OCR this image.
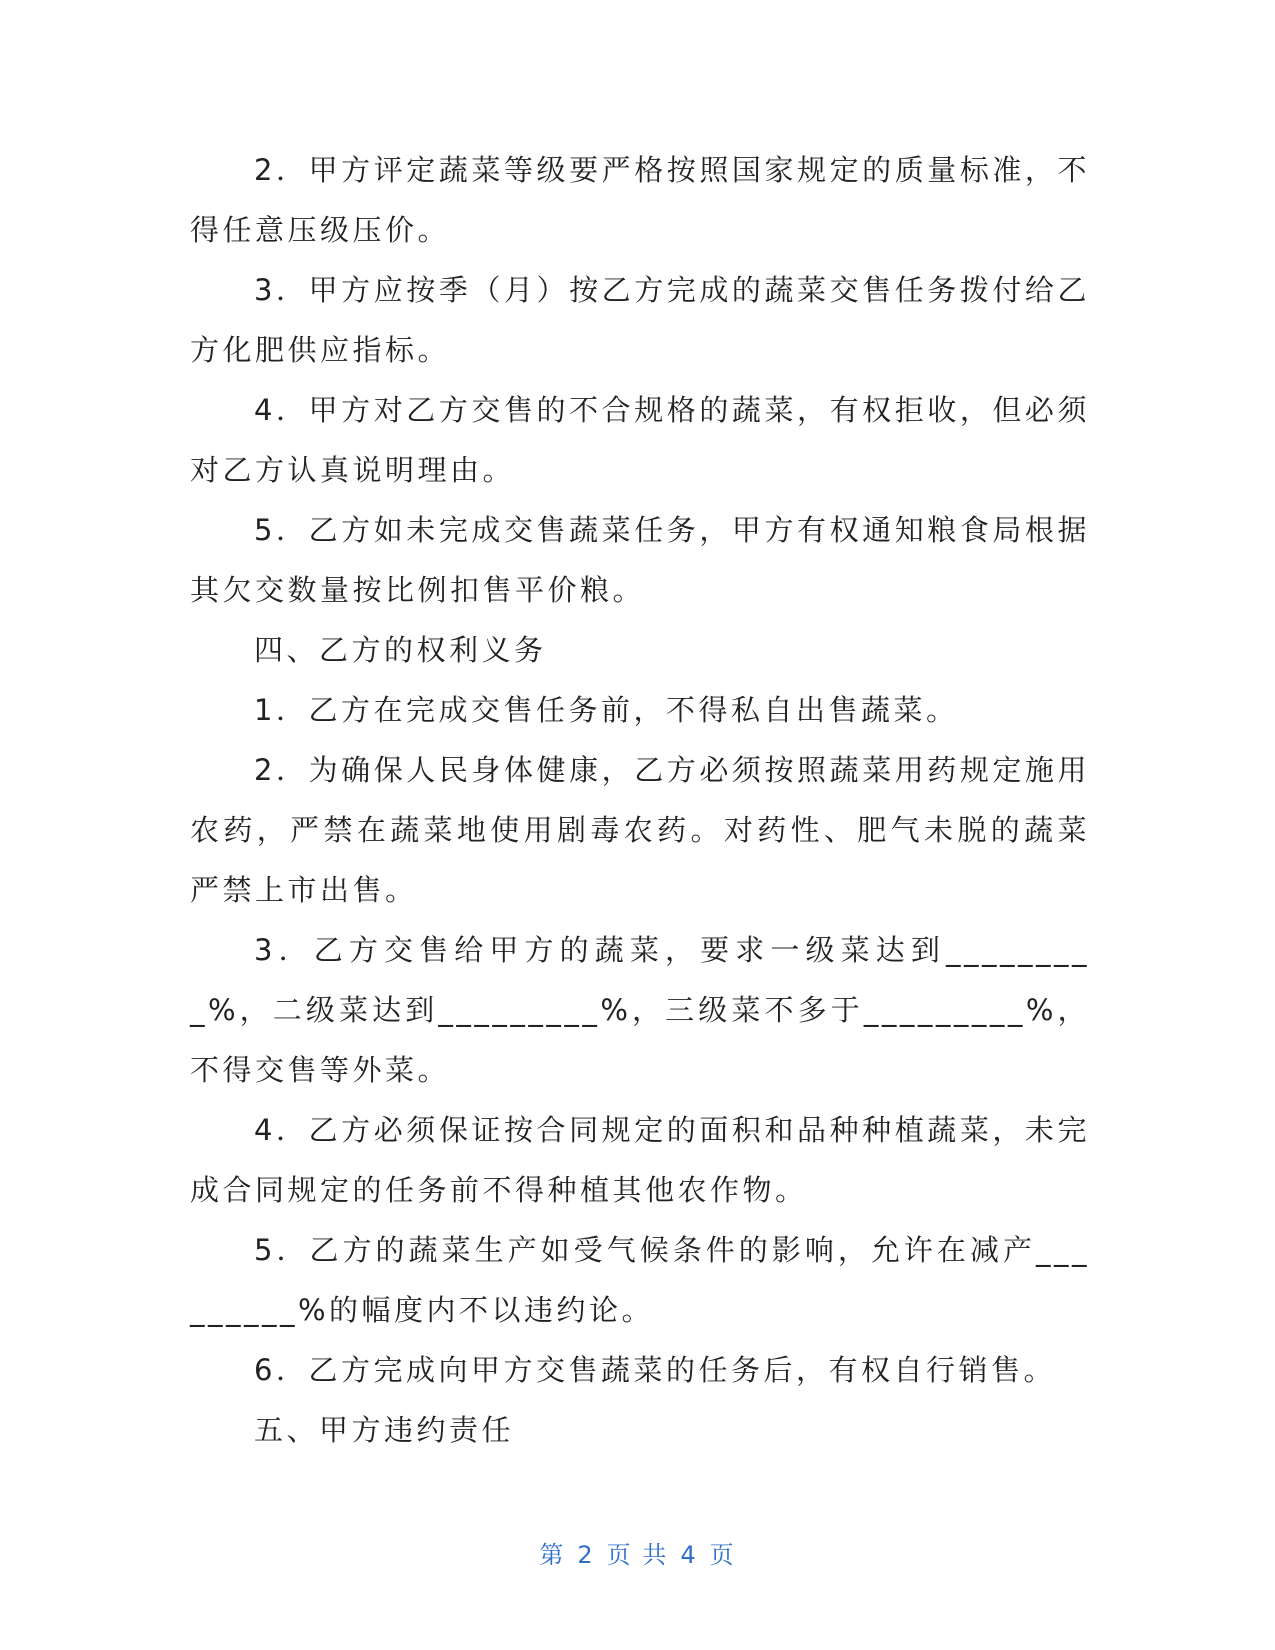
2．甲方评定蔬菜等级要严格按照国家规定的质量标准，不得任意压级压价。

3．甲方应按季（月）按乙方完成的蔬菜交售任务拨付给乙方化肥供应指标。

4．甲方对乙方交售的不合规格的蔬菜，有权拒收，但必须对乙方认真说明理由。

5．乙方如未完成交售蔬菜任务，甲方有权通知粮食局根据其欠交数量按比例扣售平价粮。

四、乙方的权利义务

1．乙方在完成交售任务前，不得私自出售蔬菜。

2．为确保人民身体健康，乙方必须按照蔬菜用药规定施用农药，严禁在蔬菜地使用剧毒农药。对药性、肥气未脱的蔬菜严禁上市出售。

3．乙方交售给甲方的蔬菜，要求一级菜达到_________%，二级菜达到_________%，三级菜不多于_________%，不得交售等外菜。

4．乙方必须保证按合同规定的面积和品种种植蔬菜，未完成合同规定的任务前不得种植其他农作物。

5．乙方的蔬菜生产如受气候条件的影响，允许在减产_________%的幅度内不以违约论。

6．乙方完成向甲方交售蔬菜的任务后，有权自行销售。

五、甲方违约责任

第 2 页 共 4 页
